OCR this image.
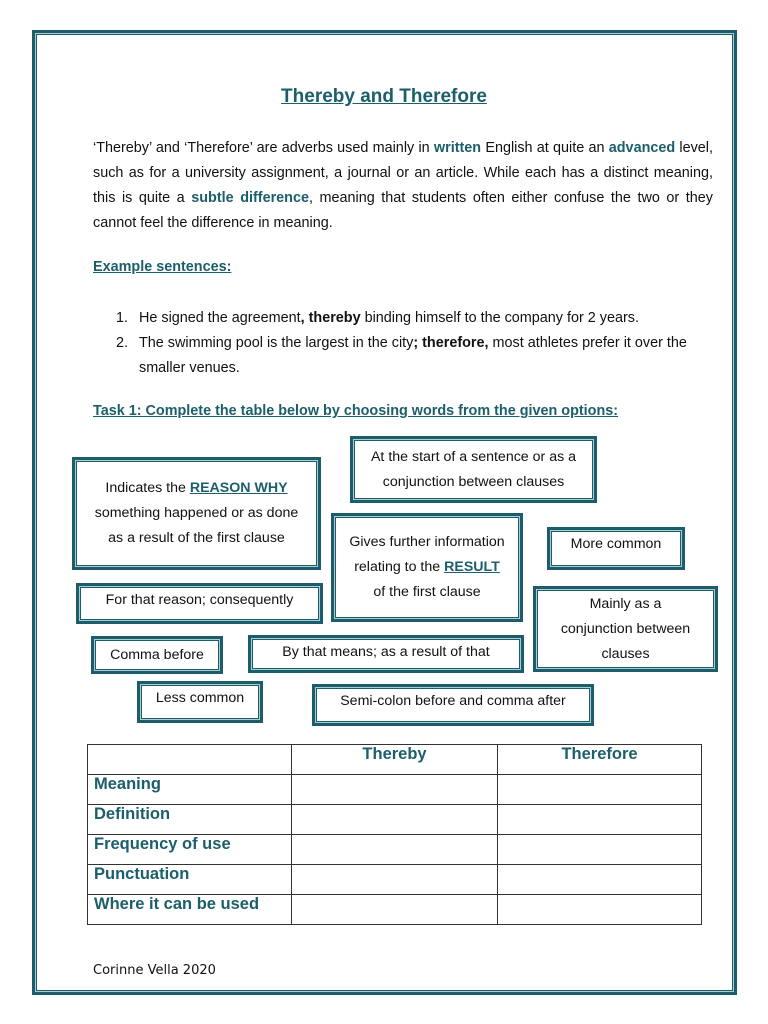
Thereby and Therefore

‘Thereby’ and ‘Therefore’ are adverbs used mainly in written English at quite an advanced level, such as for a university assignment, a journal or an article. While each has a distinct meaning, this is quite a subtle difference, meaning that students often either confuse the two or they cannot feel the difference in meaning.

Example sentences:
1. He signed the agreement, thereby binding himself to the company for 2 years.
2. The swimming pool is the largest in the city; therefore, most athletes prefer it over the smaller venues.
Task 1: Complete the table below by choosing words from the given options:
Indicates the REASON WHY something happened or as done as a result of the first clause
At the start of a sentence or as a conjunction between clauses
Gives further information relating to the RESULT of the first clause
More common
For that reason; consequently	Mainly as a conjunction between clauses
Comma before	By that means; as a result of that
Less common	Semi-colon before and comma after
	Thereby	Therefore
Meaning		
Definition		
Frequency of use		
Punctuation		
Where it can be used		
Corinne Vella 2020
